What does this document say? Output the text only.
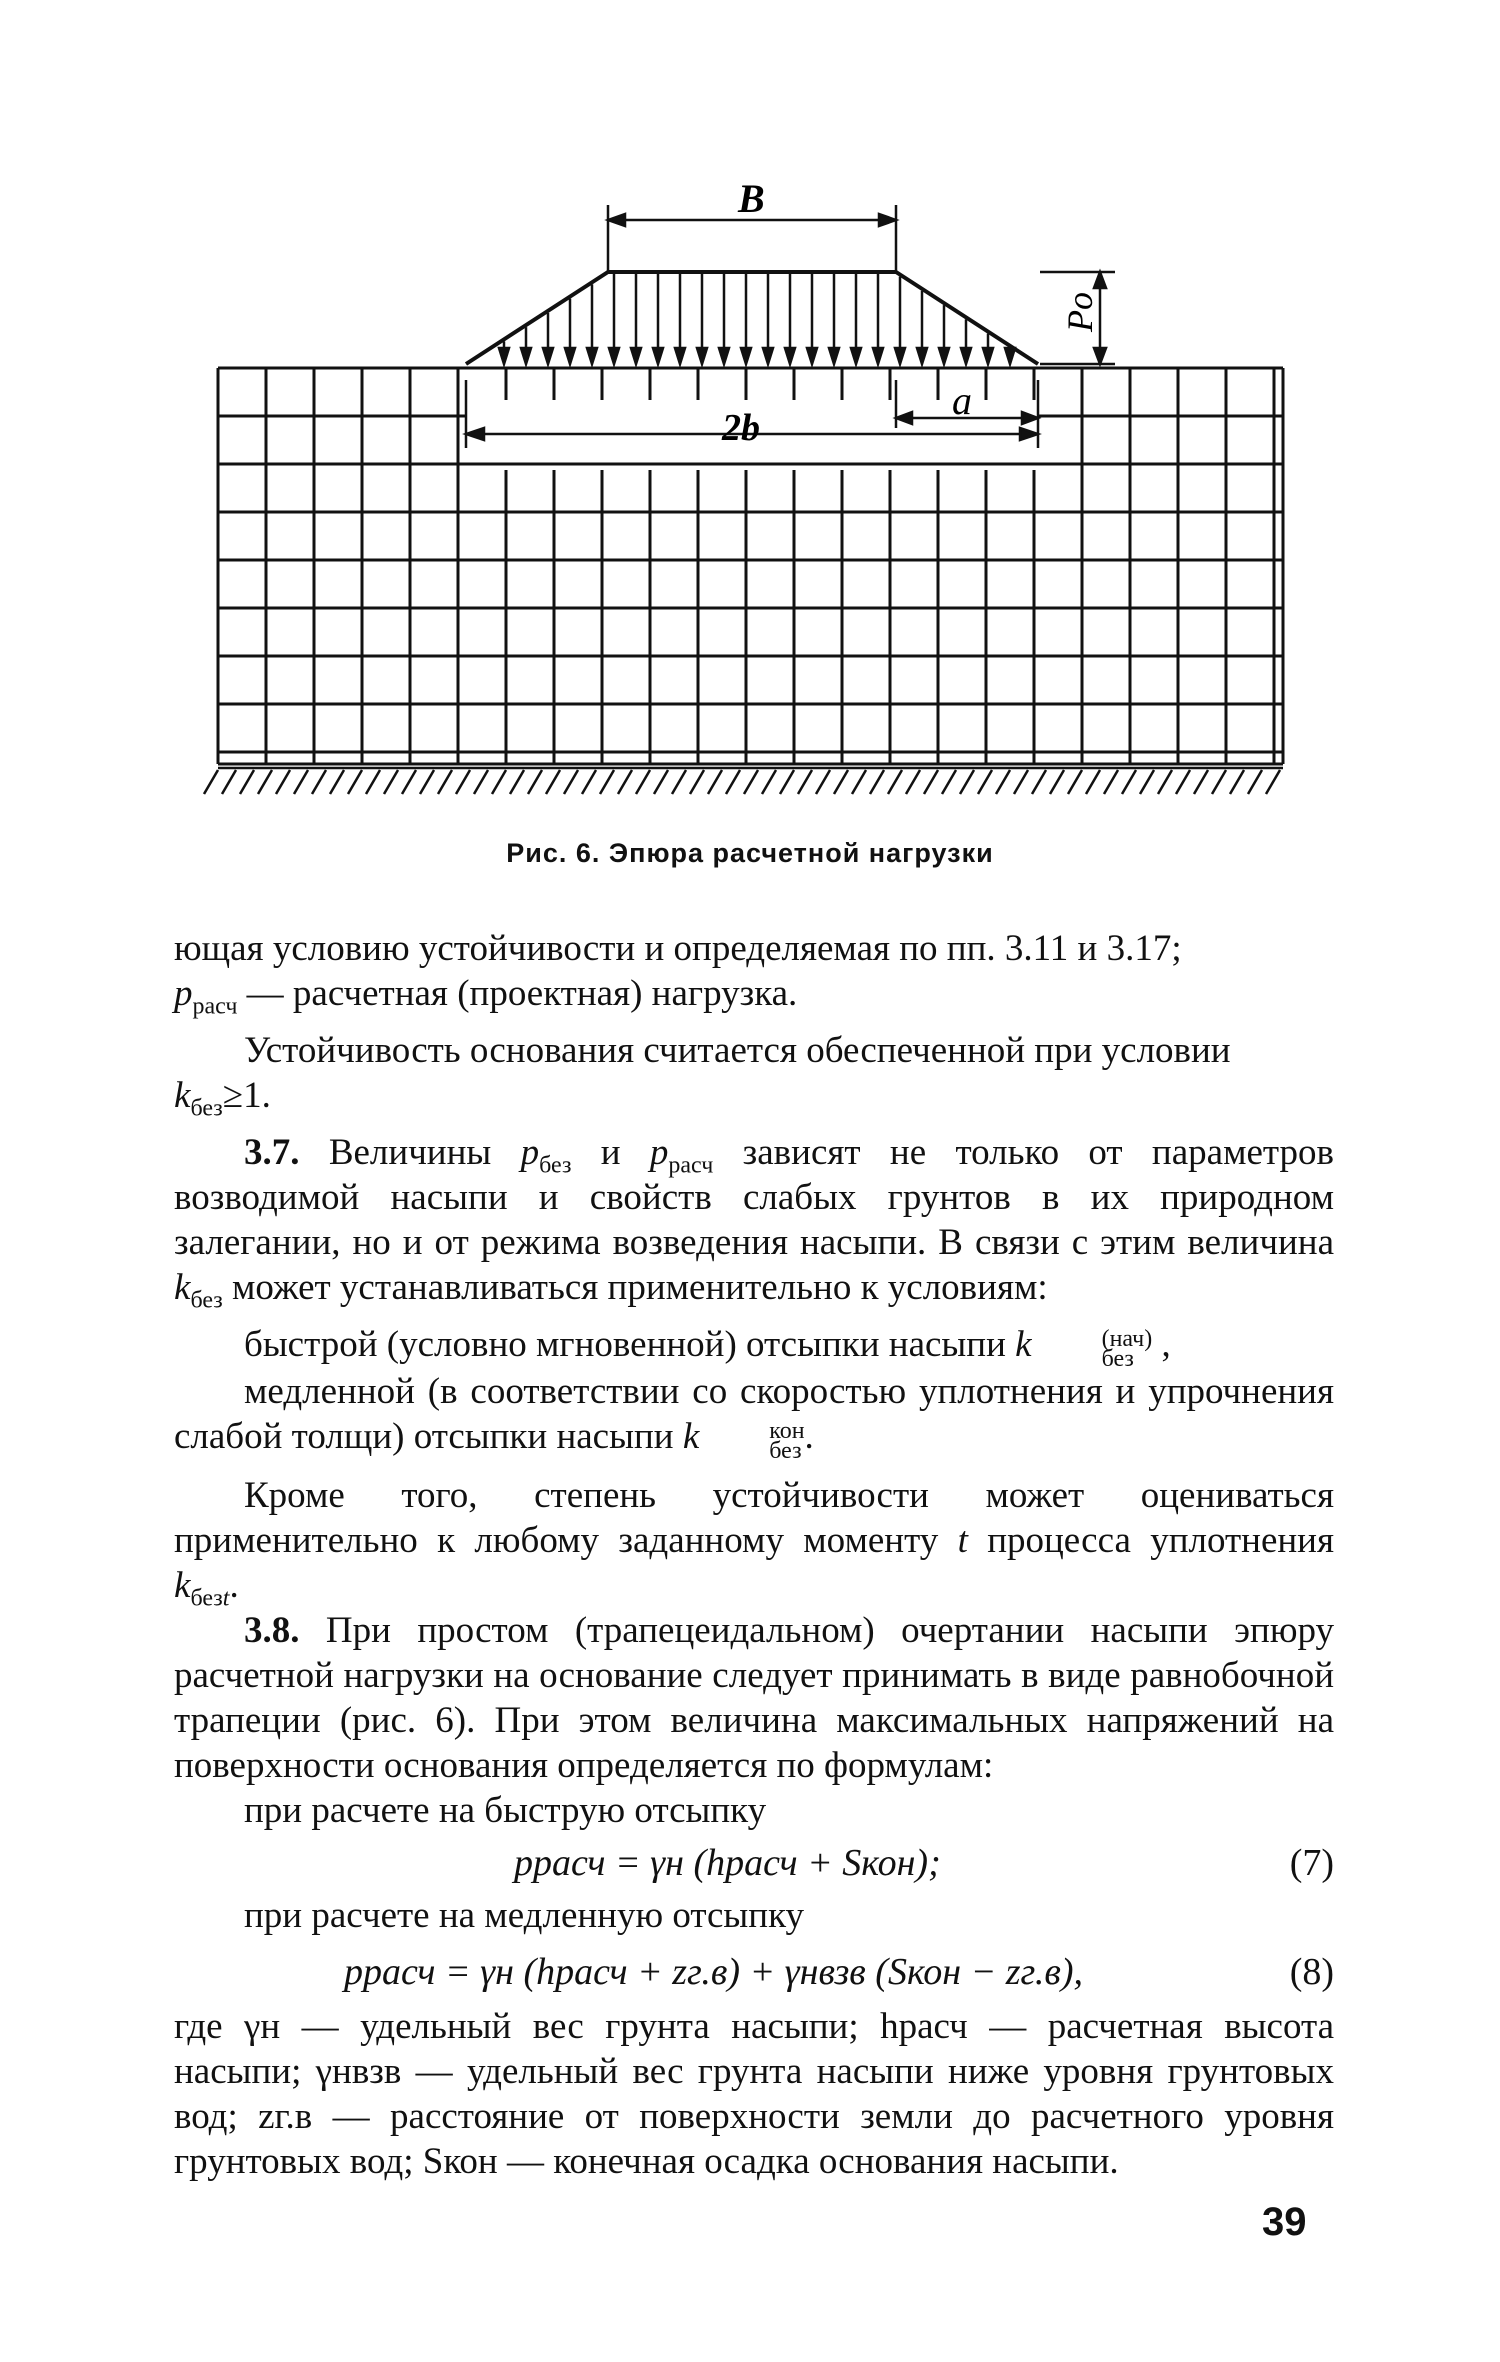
B
2b
a
Po
Рис. 6. Эпюра расчетной нагрузки

ющая условию устойчивости и определяемая по пп. 3.11 и 3.17;
$p_{расч}$ — расчетная (проектная) нагрузка.

Устойчивость основания считается обеспеченной при условии
$k_{без}\ge 1$.

3.7. Величины $p_{без}$ и $p_{расч}$ зависят не только от параметров возводимой насыпи и свойств слабых грунтов в их природном залегании, но и от режима возведения насыпи. В связи с этим величина $k_{без}$ может устанавливаться применительно к условиям:

быстрой (условно мгновенной) отсыпки насыпи k	(нач)
без ,

медленной (в соответствии со скоростью уплотнения и упрочнения слабой толщи) отсыпки насыпи k	кон
без .

Кроме того, степень устойчивости может оцениваться применительно к любому заданному моменту t процесса уплотнения $k_{безt}$.

3.8. При простом (трапецеидальном) очертании насыпи эпюру расчетной нагрузки на основание следует принимать в виде равнобочной трапеции (рис. 6). При этом величина максимальных напряжений на поверхности основания определяется по формулам:

при расчете на быструю отсыпку

pрасч = γн (hрасч + Sкон);	(7)

при расчете на медленную отсыпку

pрасч = γн (hрасч + zг.в) + γнвзв (Sкон − zг.в),	(8)

где γн — удельный вес грунта насыпи; hрасч — расчетная высота насыпи; γнвзв — удельный вес грунта насыпи ниже уровня грунтовых вод; zг.в — расстояние от поверхности земли до расчетного уровня грунтовых вод; Sкон — конечная осадка основания насыпи.

39
